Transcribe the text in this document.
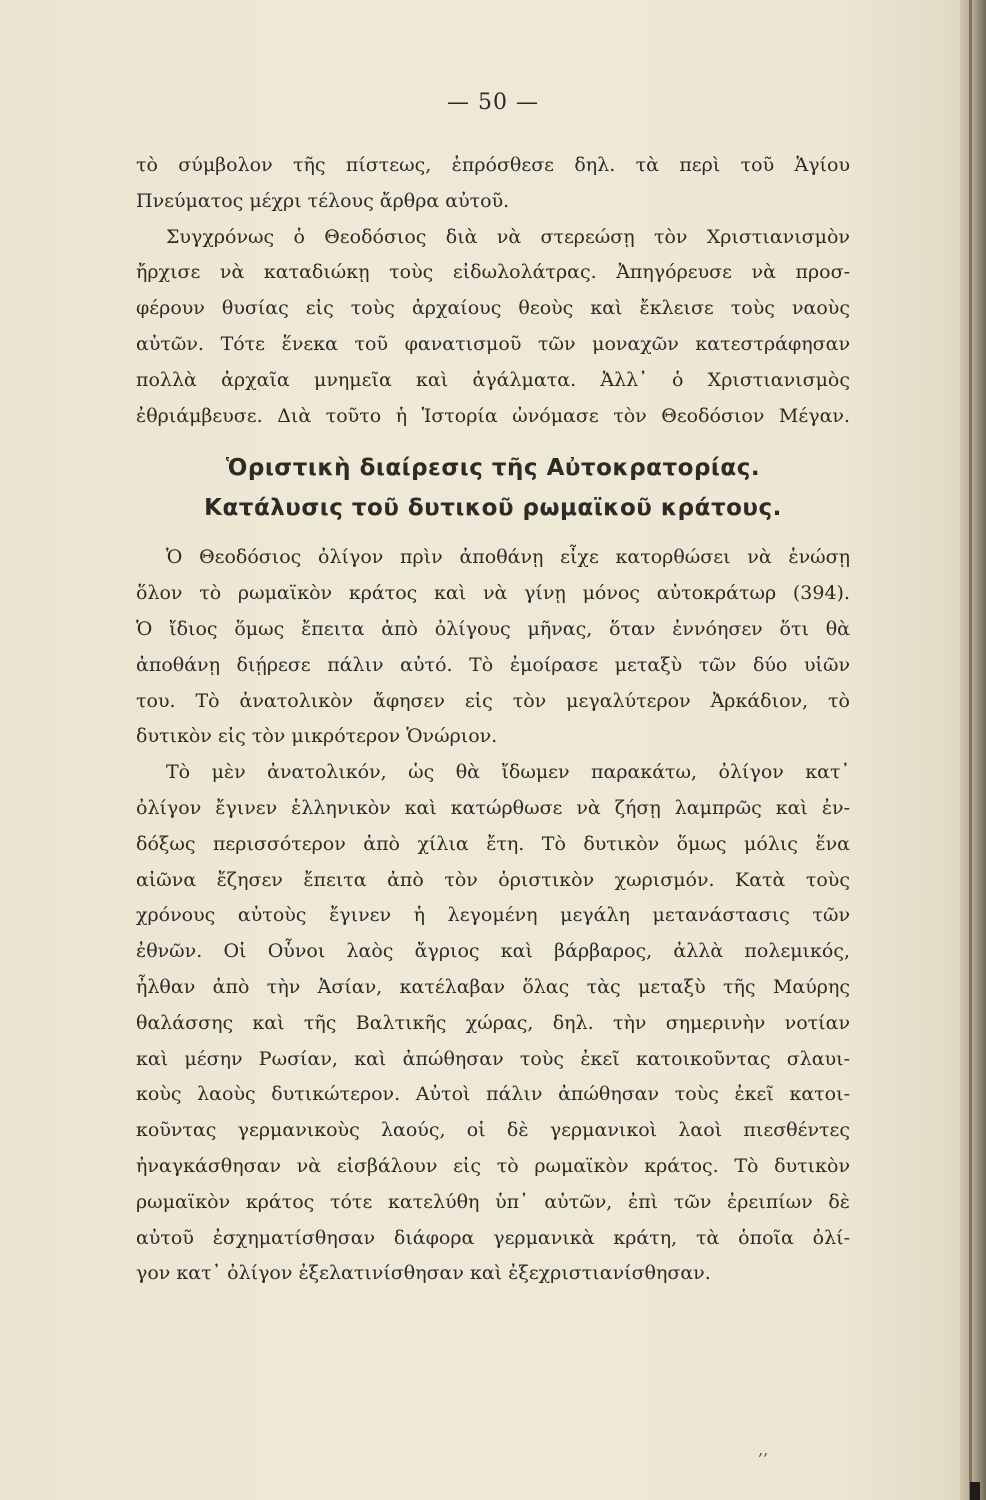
— 50 —
τὸ σύμβολον τῆς πίστεως, ἐπρόσθεσε δηλ. τὰ περὶ τοῦ Ἁγίου
Πνεύματος μέχρι τέλους ἄρθρα αὐτοῦ.
Συγχρόνως ὁ Θεοδόσιος διὰ νὰ στερεώσῃ τὸν Χριστιανισμὸν
ἤρχισε νὰ καταδιώκῃ τοὺς εἰδωλολάτρας. Ἀπηγόρευσε νὰ προσ-
φέρουν θυσίας εἰς τοὺς ἀρχαίους θεοὺς καὶ ἔκλεισε τοὺς ναοὺς
αὐτῶν. Τότε ἕνεκα τοῦ φανατισμοῦ τῶν μοναχῶν κατεστράφησαν
πολλὰ ἀρχαῖα μνημεῖα καὶ ἀγάλματα. Ἀλλ᾿ ὁ Χριστιανισμὸς
ἐθριάμβευσε. Διὰ τοῦτο ἡ Ἱστορία ὠνόμασε τὸν Θεοδόσιον Μέγαν.
Ὁριστικὴ διαίρεσις τῆς Αὐτοκρατορίας.
Κατάλυσις τοῦ δυτικοῦ ρωμαϊκοῦ κράτους.
Ὁ Θεοδόσιος ὀλίγον πρὶν ἀποθάνῃ εἶχε κατορθώσει νὰ ἑνώσῃ
ὅλον τὸ ρωμαϊκὸν κράτος καὶ νὰ γίνῃ μόνος αὐτοκράτωρ (394).
Ὁ ἴδιος ὅμως ἔπειτα ἀπὸ ὀλίγους μῆνας, ὅταν ἐννόησεν ὅτι θὰ
ἀποθάνῃ διῄρεσε πάλιν αὐτό. Τὸ ἐμοίρασε μεταξὺ τῶν δύο υἱῶν
του. Τὸ ἀνατολικὸν ἄφησεν εἰς τὸν μεγαλύτερον Ἀρκάδιον, τὸ
δυτικὸν εἰς τὸν μικρότερον Ὁνώριον.
Τὸ μὲν ἀνατολικόν, ὡς θὰ ἴδωμεν παρακάτω, ὀλίγον κατ᾿
ὀλίγον ἔγινεν ἑλληνικὸν καὶ κατώρθωσε νὰ ζήσῃ λαμπρῶς καὶ ἐν-
δόξως περισσότερον ἀπὸ χίλια ἔτη. Τὸ δυτικὸν ὅμως μόλις ἕνα
αἰῶνα ἔζησεν ἔπειτα ἀπὸ τὸν ὁριστικὸν χωρισμόν. Κατὰ τοὺς
χρόνους αὐτοὺς ἔγινεν ἡ λεγομένη μεγάλη μετανάστασις τῶν
ἐθνῶν. Οἱ Οὗνοι λαὸς ἄγριος καὶ βάρβαρος, ἀλλὰ πολεμικός,
ἦλθαν ἀπὸ τὴν Ἀσίαν, κατέλαβαν ὅλας τὰς μεταξὺ τῆς Μαύρης
θαλάσσης καὶ τῆς Βαλτικῆς χώρας, δηλ. τὴν σημερινὴν νοτίαν
καὶ μέσην Ρωσίαν, καὶ ἀπώθησαν τοὺς ἐκεῖ κατοικοῦντας σλαυι-
κοὺς λαοὺς δυτικώτερον. Αὐτοὶ πάλιν ἀπώθησαν τοὺς ἐκεῖ κατοι-
κοῦντας γερμανικοὺς λαούς, οἱ δὲ γερμανικοὶ λαοὶ πιεσθέντες
ἠναγκάσθησαν νὰ εἰσβάλουν εἰς τὸ ρωμαϊκὸν κράτος. Τὸ δυτικὸν
ρωμαϊκὸν κράτος τότε κατελύθη ὑπ᾿ αὐτῶν, ἐπὶ τῶν ἐρειπίων δὲ
αὐτοῦ ἐσχηματίσθησαν διάφορα γερμανικὰ κράτη, τὰ ὁποῖα ὀλί-
γον κατ᾿ ὀλίγον ἐξελατινίσθησαν καὶ ἐξεχριστιανίσθησαν.
‚‚
